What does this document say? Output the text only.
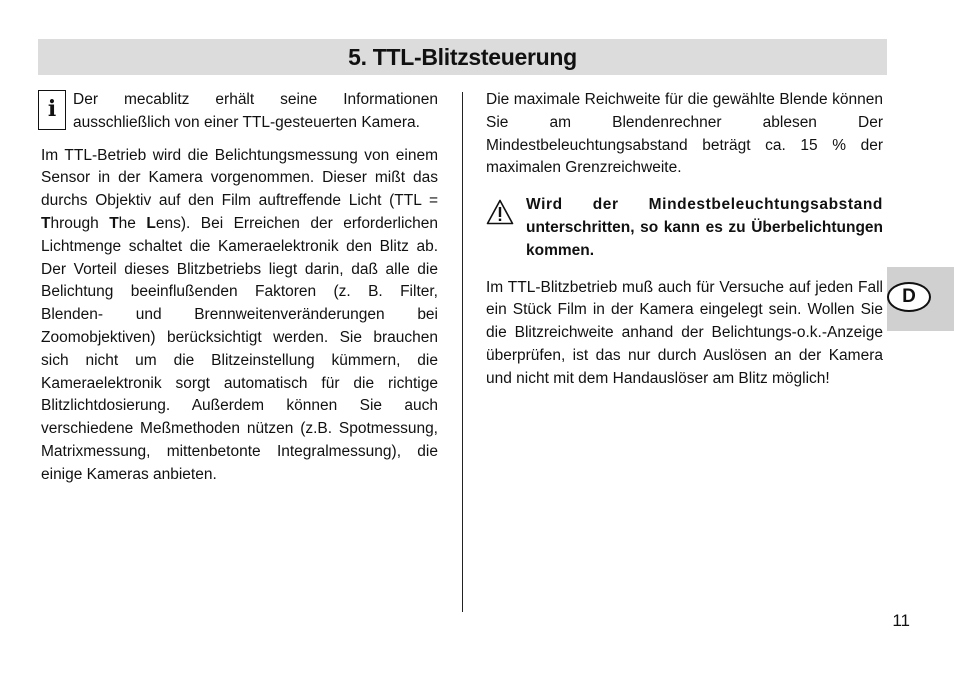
5. TTL-Blitzsteuerung
i	Der mecablitz erhält seine Informationen ausschließlich von einer TTL-gesteuerten Kamera.

Im TTL-Betrieb wird die Belichtungsmessung von einem Sensor in der Kamera vorgenommen. Dieser mißt das durchs Objektiv auf den Film auftreffende Licht (TTL = Through The Lens). Bei Erreichen der erforderlichen Lichtmenge schaltet die Kameraelektronik den Blitz ab. Der Vorteil dieses Blitzbetriebs liegt darin, daß alle die Belichtung beeinflußenden Faktoren (z. B. Filter, Blenden- und Brennweitenveränderungen bei Zoomobjektiven) berücksichtigt werden. Sie brauchen sich nicht um die Blitzeinstellung kümmern, die Kameraelektronik sorgt automatisch für die richtige Blitzlichtdosierung. Außerdem können Sie auch verschiedene Meßmethoden nützen (z.B. Spotmessung, Matrixmessung, mittenbetonte Integralmessung), die einige Kameras anbieten.

Die maximale Reichweite für die gewählte Blende können Sie am Blendenrechner ablesen Der Mindestbeleuchtungsabstand beträgt ca. 15 % der maximalen Grenzreichweite.

Wird der Mindestbeleuchtungsabstand unterschritten, so kann es zu Überbelichtungen kommen.

Im TTL-Blitzbetrieb muß auch für Versuche auf jeden Fall ein Stück Film in der Kamera eingelegt sein. Wollen Sie die Blitzreichweite anhand der Belichtungs-o.k.-Anzeige überprüfen, ist das nur durch Auslösen an der Kamera und nicht mit dem Handauslöser am Blitz möglich!

D
11
